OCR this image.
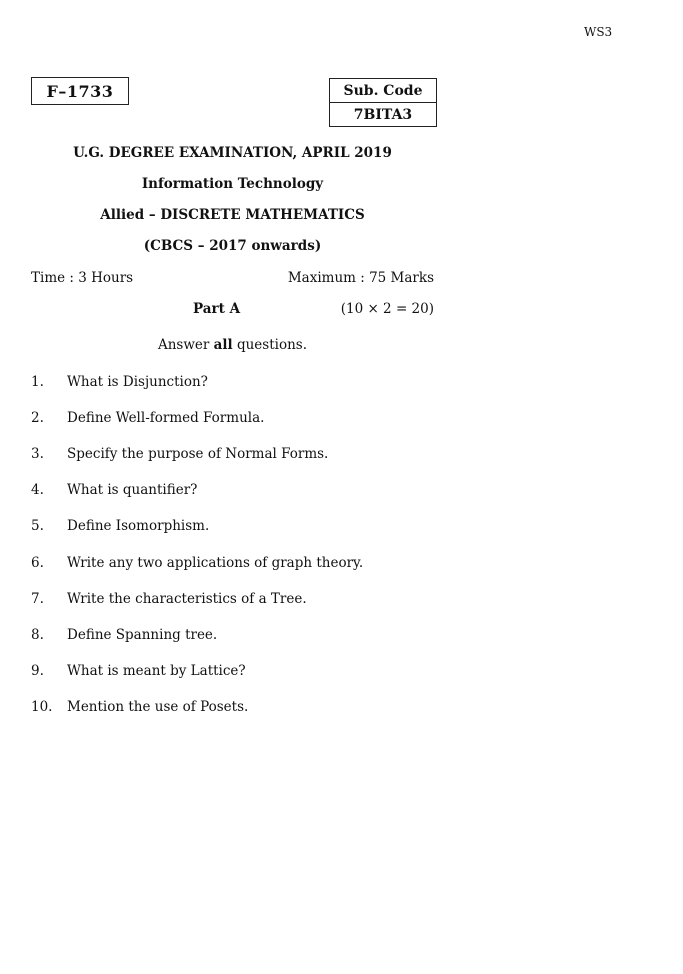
WS3
F–1733	Sub. Code
7BITA3
U.G. DEGREE EXAMINATION, APRIL 2019
Information Technology
Allied – DISCRETE MATHEMATICS
(CBCS – 2017 onwards)
Time : 3 Hours	Maximum : 75 Marks
Part A	(10 × 2 = 20)
Answer all questions.
1. What is Disjunction?
2. Define Well-formed Formula.
3. Specify the purpose of Normal Forms.
4. What is quantifier?
5. Define Isomorphism.
6. Write any two applications of graph theory.
7. Write the characteristics of a Tree.
8. Define Spanning tree.
9. What is meant by Lattice?
10. Mention the use of Posets.
